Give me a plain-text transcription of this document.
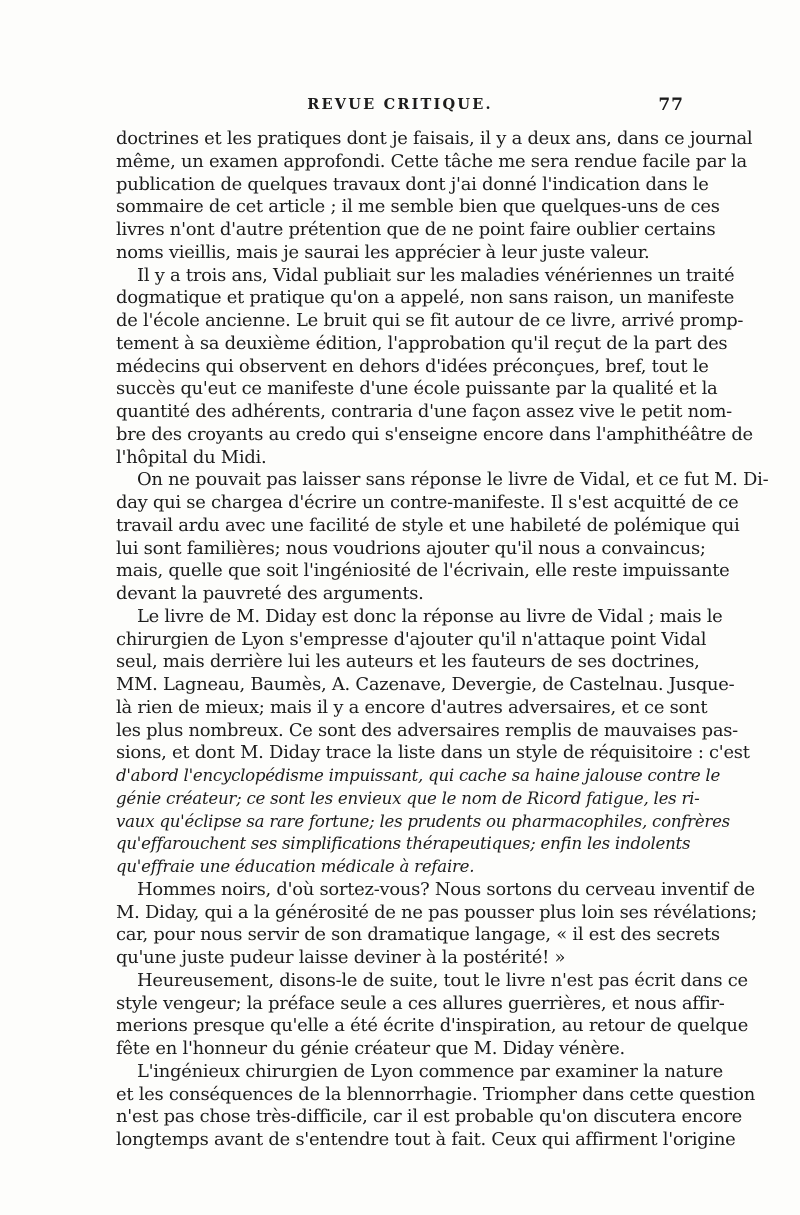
REVUE CRITIQUE.	77
doctrines et les pratiques dont je faisais, il y a deux ans, dans ce journal
même, un examen approfondi. Cette tâche me sera rendue facile par la
publication de quelques travaux dont j'ai donné l'indication dans le
sommaire de cet article ; il me semble bien que quelques-uns de ces
livres n'ont d'autre prétention que de ne point faire oublier certains
noms vieillis, mais je saurai les apprécier à leur juste valeur.
Il y a trois ans, Vidal publiait sur les maladies vénériennes un traité
dogmatique et pratique qu'on a appelé, non sans raison, un manifeste
de l'école ancienne. Le bruit qui se fit autour de ce livre, arrivé promp-
tement à sa deuxième édition, l'approbation qu'il reçut de la part des
médecins qui observent en dehors d'idées préconçues, bref, tout le
succès qu'eut ce manifeste d'une école puissante par la qualité et la
quantité des adhérents, contraria d'une façon assez vive le petit nom-
bre des croyants au credo qui s'enseigne encore dans l'amphithéâtre de
l'hôpital du Midi.
On ne pouvait pas laisser sans réponse le livre de Vidal, et ce fut M. Di-
day qui se chargea d'écrire un contre-manifeste. Il s'est acquitté de ce
travail ardu avec une facilité de style et une habileté de polémique qui
lui sont familières; nous voudrions ajouter qu'il nous a convaincus;
mais, quelle que soit l'ingéniosité de l'écrivain, elle reste impuissante
devant la pauvreté des arguments.
Le livre de M. Diday est donc la réponse au livre de Vidal ; mais le
chirurgien de Lyon s'empresse d'ajouter qu'il n'attaque point Vidal
seul, mais derrière lui les auteurs et les fauteurs de ses doctrines,
MM. Lagneau, Baumès, A. Cazenave, Devergie, de Castelnau. Jusque-
là rien de mieux; mais il y a encore d'autres adversaires, et ce sont
les plus nombreux. Ce sont des adversaires remplis de mauvaises pas-
sions, et dont M. Diday trace la liste dans un style de réquisitoire : c'est
d'abord l'encyclopédisme impuissant, qui cache sa haine jalouse contre le
génie créateur; ce sont les envieux que le nom de Ricord fatigue, les ri-
vaux qu'éclipse sa rare fortune; les prudents ou pharmacophiles, confrères
qu'effarouchent ses simplifications thérapeutiques; enfin les indolents
qu'effraie une éducation médicale à refaire.
Hommes noirs, d'où sortez-vous? Nous sortons du cerveau inventif de
M. Diday, qui a la générosité de ne pas pousser plus loin ses révélations;
car, pour nous servir de son dramatique langage, « il est des secrets
qu'une juste pudeur laisse deviner à la postérité! »
Heureusement, disons-le de suite, tout le livre n'est pas écrit dans ce
style vengeur; la préface seule a ces allures guerrières, et nous affir-
merions presque qu'elle a été écrite d'inspiration, au retour de quelque
fête en l'honneur du génie créateur que M. Diday vénère.
L'ingénieux chirurgien de Lyon commence par examiner la nature
et les conséquences de la blennorrhagie. Triompher dans cette question
n'est pas chose très-difficile, car il est probable qu'on discutera encore
longtemps avant de s'entendre tout à fait. Ceux qui affirment l'origine
